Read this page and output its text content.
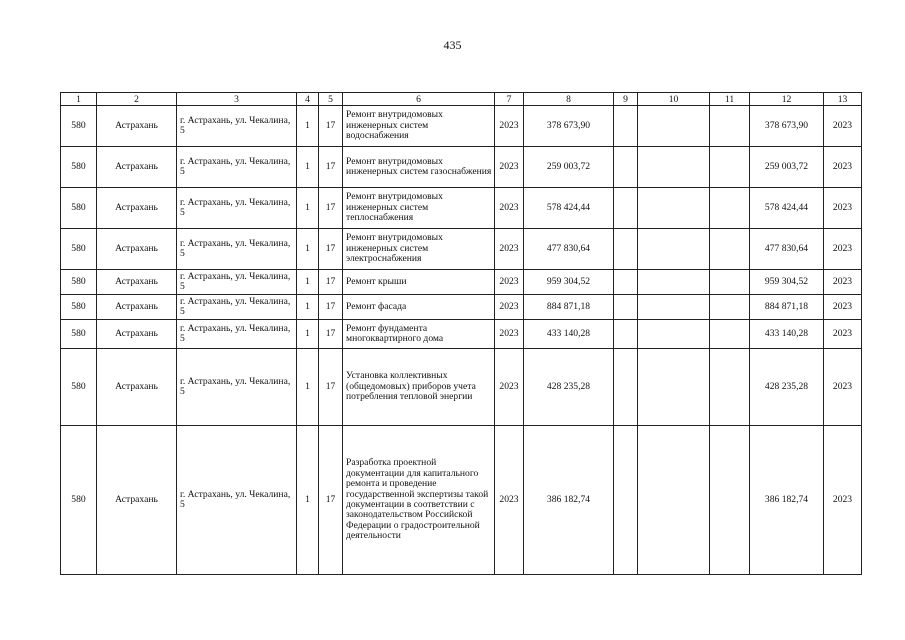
435
1	2	3	4	5	6	7	8	9	10	11	12	13
580	Астрахань	г. Астрахань, ул. Чекалина, 5	1	17	Ремонт внутридомовых инженерных систем водоснабжения	2023	378 673,90				378 673,90	2023
580	Астрахань	г. Астрахань, ул. Чекалина, 5	1	17	Ремонт внутридомовых инженерных систем газоснабжения	2023	259 003,72				259 003,72	2023
580	Астрахань	г. Астрахань, ул. Чекалина, 5	1	17	Ремонт внутридомовых инженерных систем теплоснабжения	2023	578 424,44				578 424,44	2023
580	Астрахань	г. Астрахань, ул. Чекалина, 5	1	17	Ремонт внутридомовых инженерных систем электроснабжения	2023	477 830,64				477 830,64	2023
580	Астрахань	г. Астрахань, ул. Чекалина, 5	1	17	Ремонт крыши	2023	959 304,52				959 304,52	2023
580	Астрахань	г. Астрахань, ул. Чекалина, 5	1	17	Ремонт фасада	2023	884 871,18				884 871,18	2023
580	Астрахань	г. Астрахань, ул. Чекалина, 5	1	17	Ремонт фундамента многоквартирного дома	2023	433 140,28				433 140,28	2023
580	Астрахань	г. Астрахань, ул. Чекалина, 5	1	17	Установка коллективных (общедомовых) приборов учета потребления тепловой энергии	2023	428 235,28				428 235,28	2023
580	Астрахань	г. Астрахань, ул. Чекалина, 5	1	17	Разработка проектной документации для капитального ремонта и проведение государственной экспертизы такой документации в соответствии с законодательством Российской Федерации о градостроительной деятельности	2023	386 182,74				386 182,74	2023
